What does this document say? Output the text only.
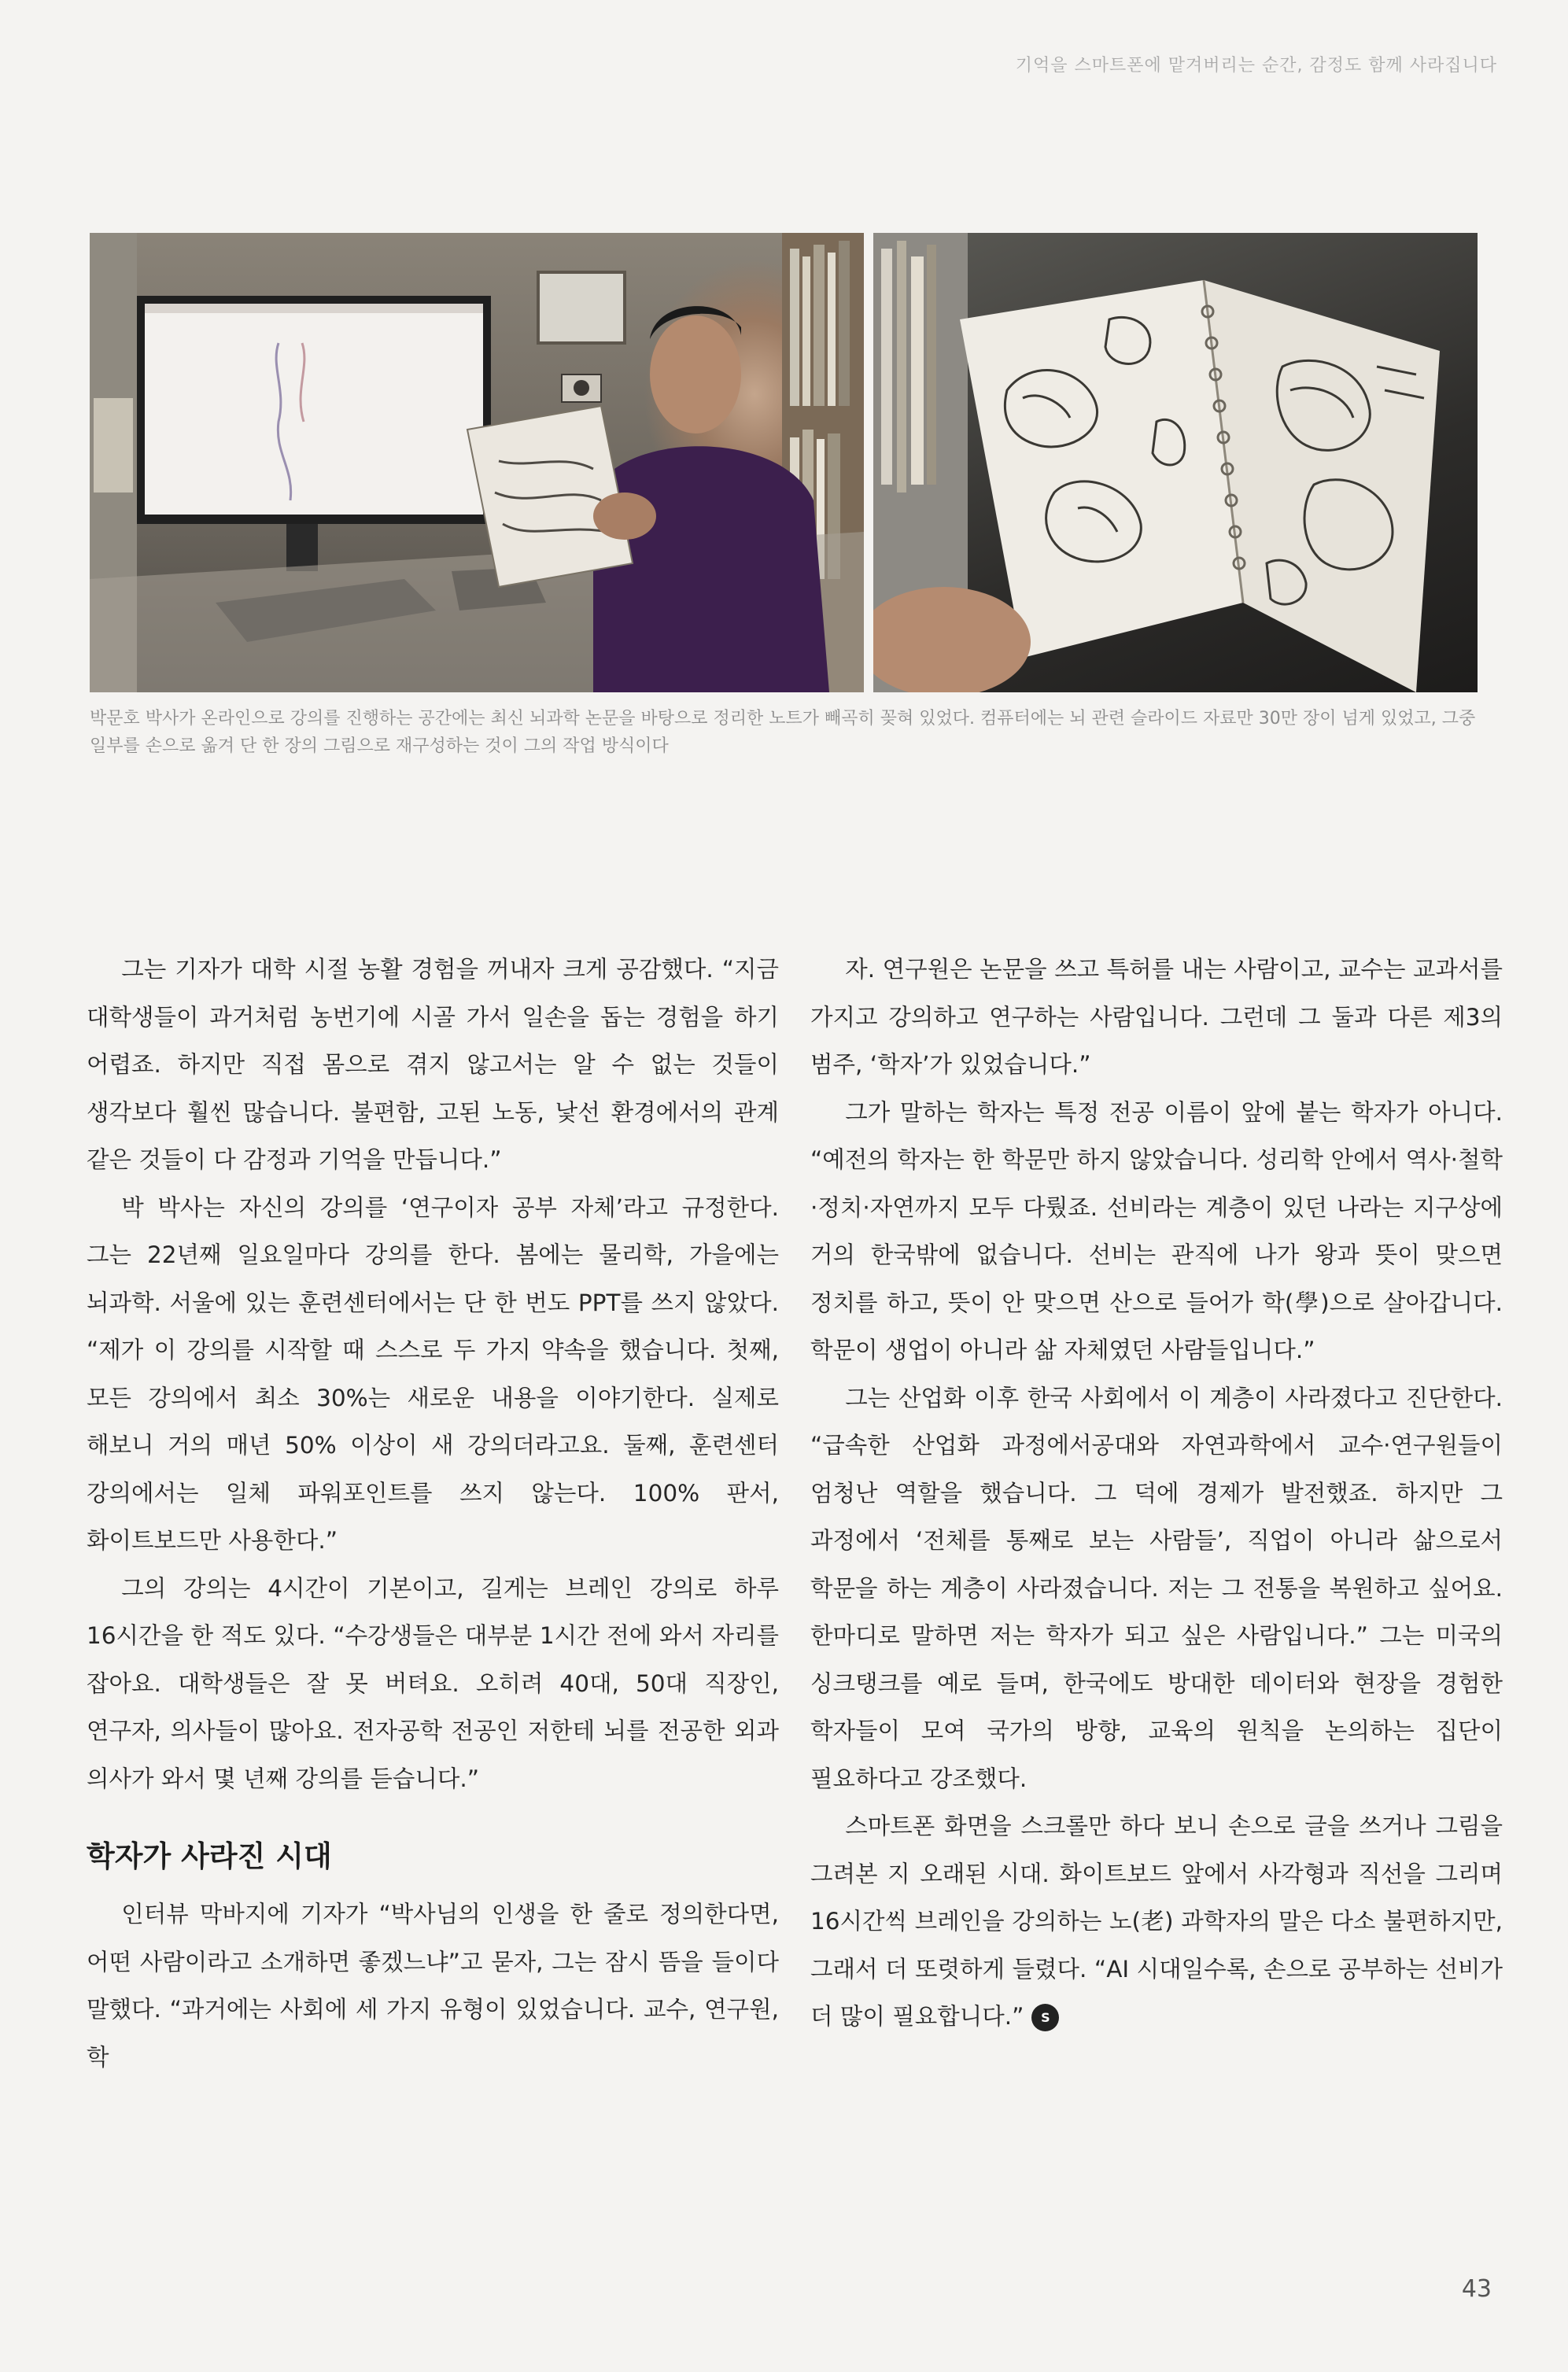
기억을 스마트폰에 맡겨버리는 순간, 감정도 함께 사라집니다
박문호 박사가 온라인으로 강의를 진행하는 공간에는 최신 뇌과학 논문을 바탕으로 정리한 노트가 빼곡히 꽂혀 있었다. 컴퓨터에는 뇌 관련 슬라이드 자료만 30만 장이 넘게 있었고, 그중 일부를 손으로 옮겨 단 한 장의 그림으로 재구성하는 것이 그의 작업 방식이다

그는 기자가 대학 시절 농활 경험을 꺼내자 크게 공감했다. “지금 대학생들이 과거처럼 농번기에 시골 가서 일손을 돕는 경험을 하기 어렵죠. 하지만 직접 몸으로 겪지 않고서는 알 수 없는 것들이 생각보다 훨씬 많습니다. 불편함, 고된 노동, 낯선 환경에서의 관계 같은 것들이 다 감정과 기억을 만듭니다.”

박 박사는 자신의 강의를 ‘연구이자 공부 자체’라고 규정한다. 그는 22년째 일요일마다 강의를 한다. 봄에는 물리학, 가을에는 뇌과학. 서울에 있는 훈련센터에서는 단 한 번도 PPT를 쓰지 않았다. “제가 이 강의를 시작할 때 스스로 두 가지 약속을 했습니다. 첫째, 모든 강의에서 최소 30%는 새로운 내용을 이야기한다. 실제로 해보니 거의 매년 50% 이상이 새 강의더라고요. 둘째, 훈련센터 강의에서는 일체 파워포인트를 쓰지 않는다. 100% 판서, 화이트보드만 사용한다.”

그의 강의는 4시간이 기본이고, 길게는 브레인 강의로 하루 16시간을 한 적도 있다. “수강생들은 대부분 1시간 전에 와서 자리를 잡아요. 대학생들은 잘 못 버텨요. 오히려 40대, 50대 직장인, 연구자, 의사들이 많아요. 전자공학 전공인 저한테 뇌를 전공한 외과 의사가 와서 몇 년째 강의를 듣습니다.”

학자가 사라진 시대

인터뷰 막바지에 기자가 “박사님의 인생을 한 줄로 정의한다면, 어떤 사람이라고 소개하면 좋겠느냐”고 묻자, 그는 잠시 뜸을 들이다 말했다. “과거에는 사회에 세 가지 유형이 있었습니다. 교수, 연구원, 학

자. 연구원은 논문을 쓰고 특허를 내는 사람이고, 교수는 교과서를 가지고 강의하고 연구하는 사람입니다. 그런데 그 둘과 다른 제3의 범주, ‘학자’가 있었습니다.”

그가 말하는 학자는 특정 전공 이름이 앞에 붙는 학자가 아니다. “예전의 학자는 한 학문만 하지 않았습니다. 성리학 안에서 역사·철학·정치·자연까지 모두 다뤘죠. 선비라는 계층이 있던 나라는 지구상에 거의 한국밖에 없습니다. 선비는 관직에 나가 왕과 뜻이 맞으면 정치를 하고, 뜻이 안 맞으면 산으로 들어가 학(學)으로 살아갑니다. 학문이 생업이 아니라 삶 자체였던 사람들입니다.”

그는 산업화 이후 한국 사회에서 이 계층이 사라졌다고 진단한다. “급속한 산업화 과정에서공대와 자연과학에서 교수·연구원들이 엄청난 역할을 했습니다. 그 덕에 경제가 발전했죠. 하지만 그 과정에서 ‘전체를 통째로 보는 사람들’, 직업이 아니라 삶으로서 학문을 하는 계층이 사라졌습니다. 저는 그 전통을 복원하고 싶어요. 한마디로 말하면 저는 학자가 되고 싶은 사람입니다.” 그는 미국의 싱크탱크를 예로 들며, 한국에도 방대한 데이터와 현장을 경험한 학자들이 모여 국가의 방향, 교육의 원칙을 논의하는 집단이 필요하다고 강조했다.

스마트폰 화면을 스크롤만 하다 보니 손으로 글을 쓰거나 그림을 그려본 지 오래된 시대. 화이트보드 앞에서 사각형과 직선을 그리며 16시간씩 브레인을 강의하는 노(老) 과학자의 말은 다소 불편하지만, 그래서 더 또렷하게 들렸다. “AI 시대일수록, 손으로 공부하는 선비가 더 많이 필요합니다.” S

43
